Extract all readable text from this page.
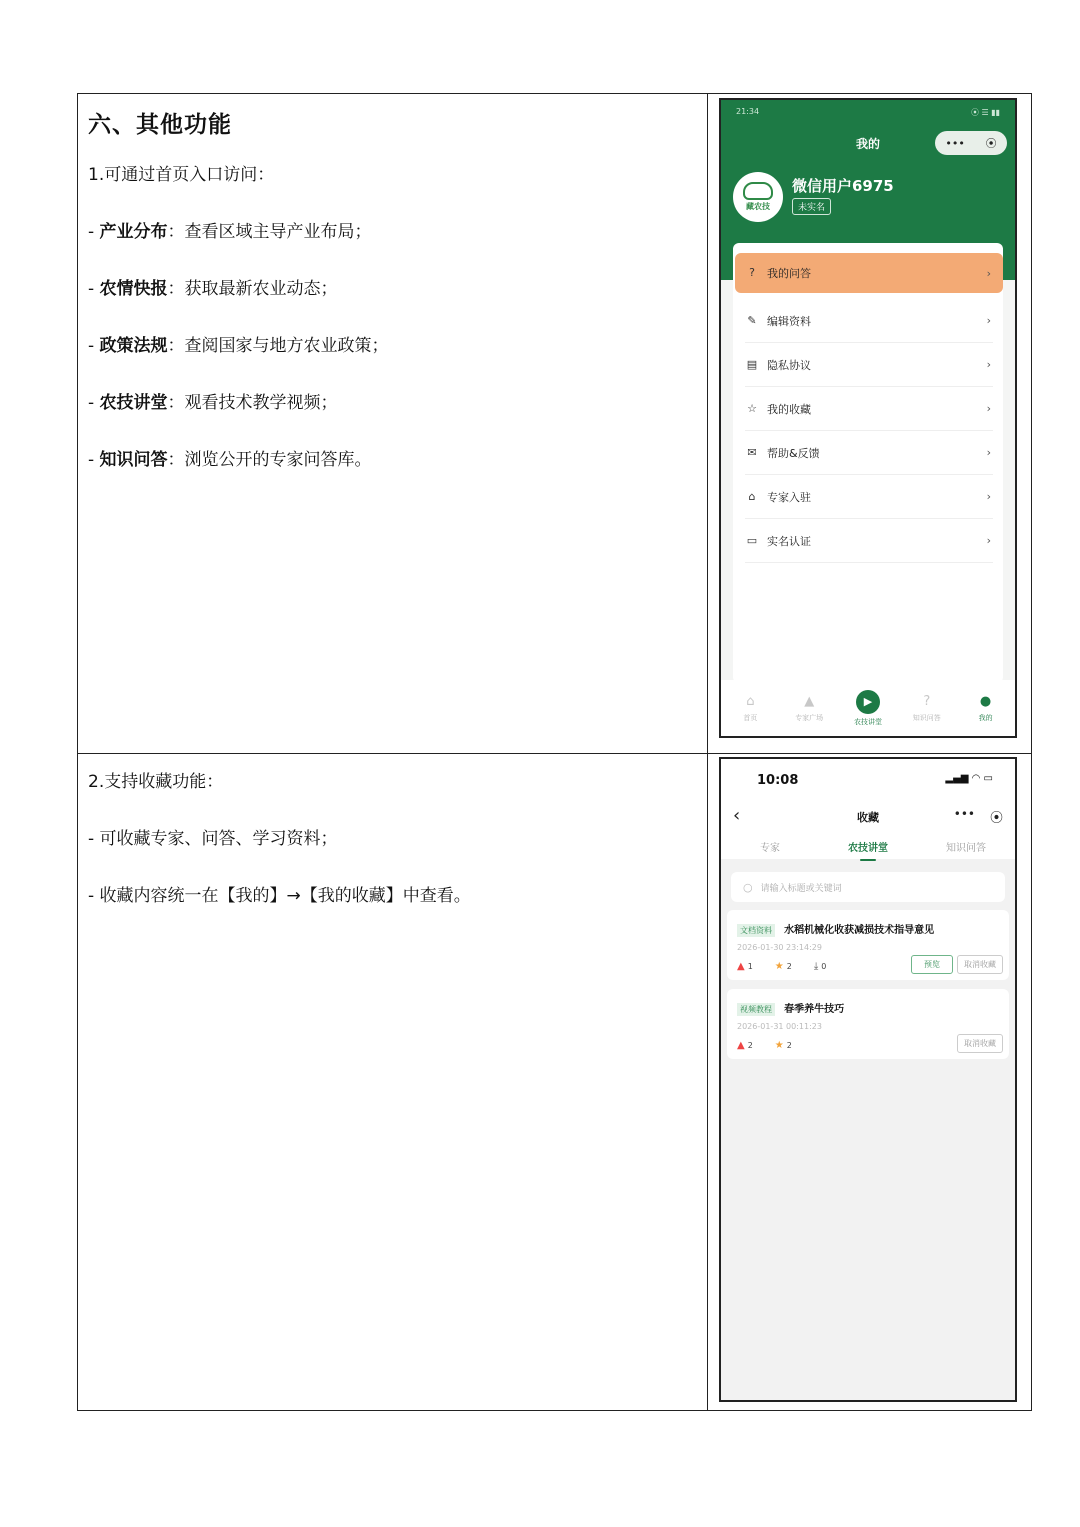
六、其他功能
1.可通过首页入口访问：
- 产业分布：查看区域主导产业布局；
- 农情快报：获取最新农业动态；
- 政策法规：查阅国家与地方农业政策；
- 农技讲堂：观看技术教学视频；
- 知识问答：浏览公开的专家问答库。
21:34	⦿ ☰ ▮▮
我的	••• ⦿
藏农技
微信用户6975
未实名
?	我的问答	›
✎ 编辑资料	›
▤ 隐私协议	›
☆ 我的收藏	›
✉ 帮助&反馈	›
⌂	专家入驻	›
▭ 实名认证	›
⌂
首页
▲
专家广场
▶
农技讲堂
?
知识问答
●
我的
2.支持收藏功能：
- 可收藏专家、问答、学习资料；
- 收藏内容统一在【我的】→【我的收藏】中查看。
10:08	▂▄▆ ◠ ▭
‹	收藏	••• ⦿
专家	农技讲堂	知识问答
○ 请输入标题或关键词
文档资料 水稻机械化收获减损技术指导意见
2026-01-30 23:14:29
▲ 1 ★ 2 ⤓ 0	预览	取消收藏
视频教程 春季养牛技巧
2026-01-31 00:11:23
▲ 2 ★ 2	取消收藏
